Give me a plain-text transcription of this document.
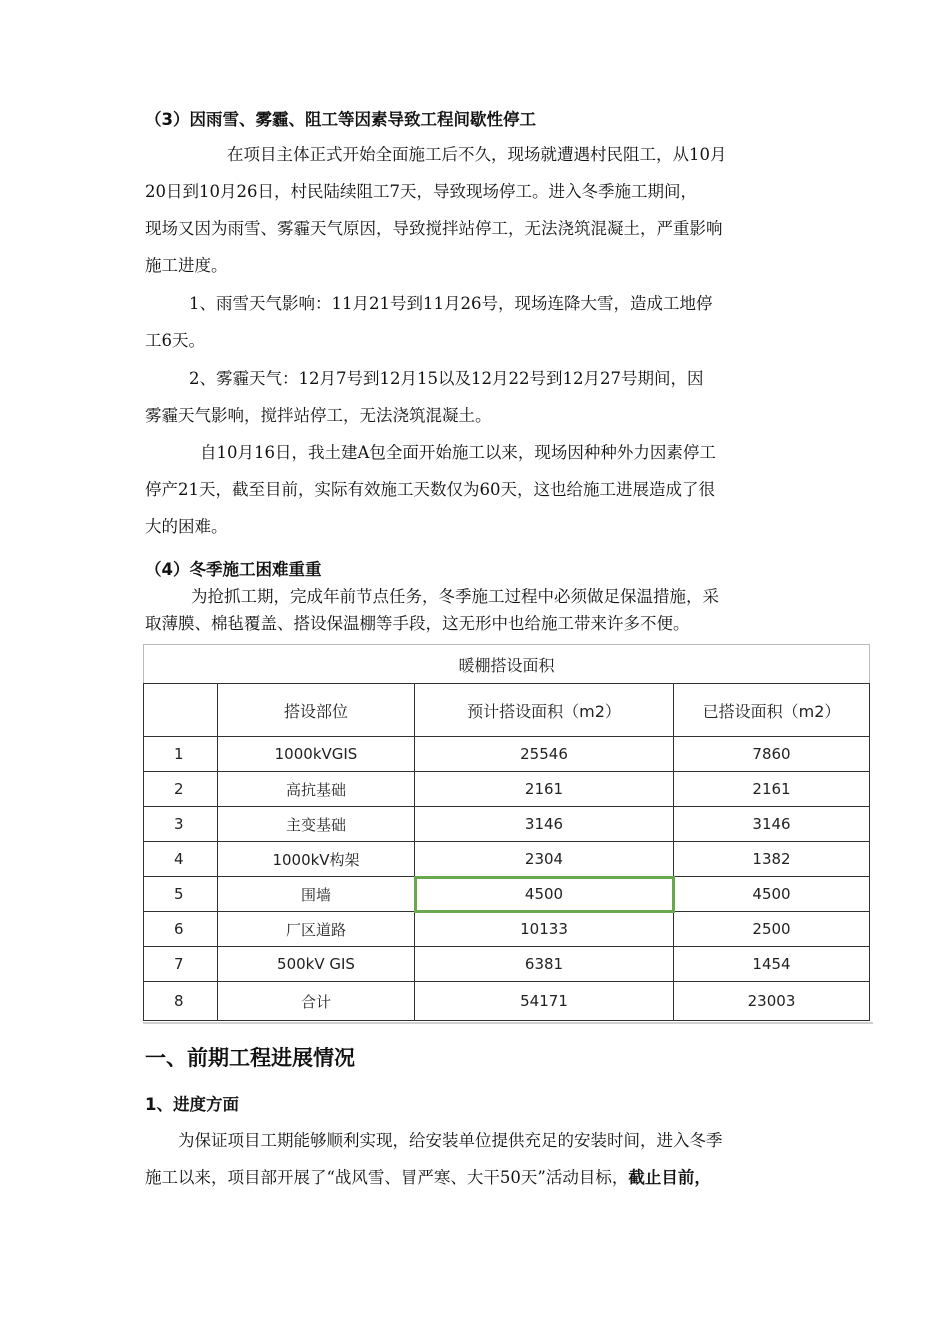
（3）因雨雪、雾霾、阻工等因素导致工程间歇性停工

在项目主体正式开始全面施工后不久，现场就遭遇村民阻工，从10月
20日到10月26日，村民陆续阻工7天，导致现场停工。进入冬季施工期间，
现场又因为雨雪、雾霾天气原因，导致搅拌站停工，无法浇筑混凝土，严重影响
施工进度。

1、雨雪天气影响：11月21号到11月26号，现场连降大雪，造成工地停
工6天。

2、雾霾天气：12月7号到12月15以及12月22号到12月27号期间，因
雾霾天气影响，搅拌站停工，无法浇筑混凝土。

自10月16日，我土建A包全面开始施工以来，现场因种种外力因素停工
停产21天，截至目前，实际有效施工天数仅为60天，这也给施工进展造成了很
大的困难。

（4）冬季施工困难重重

为抢抓工期，完成年前节点任务，冬季施工过程中必须做足保温措施，采
取薄膜、棉毡覆盖、搭设保温棚等手段，这无形中也给施工带来许多不便。

暖棚搭设面积			
	搭设部位	预计搭设面积（m2）	已搭设面积（m2）
1	1000kVGIS	25546	7860
2	高抗基础	2161	2161
3	主变基础	3146	3146
4	1000kV构架	2304	1382
5	围墙	4500	4500
6	厂区道路	10133	2500
7	500kV GIS	6381	1454
8	合计	54171	23003
一、前期工程进展情况
1、进度方面

为保证项目工期能够顺利实现，给安装单位提供充足的安装时间，进入冬季
施工以来，项目部开展了“战风雪、冒严寒、大干50天”活动目标，截止目前，
